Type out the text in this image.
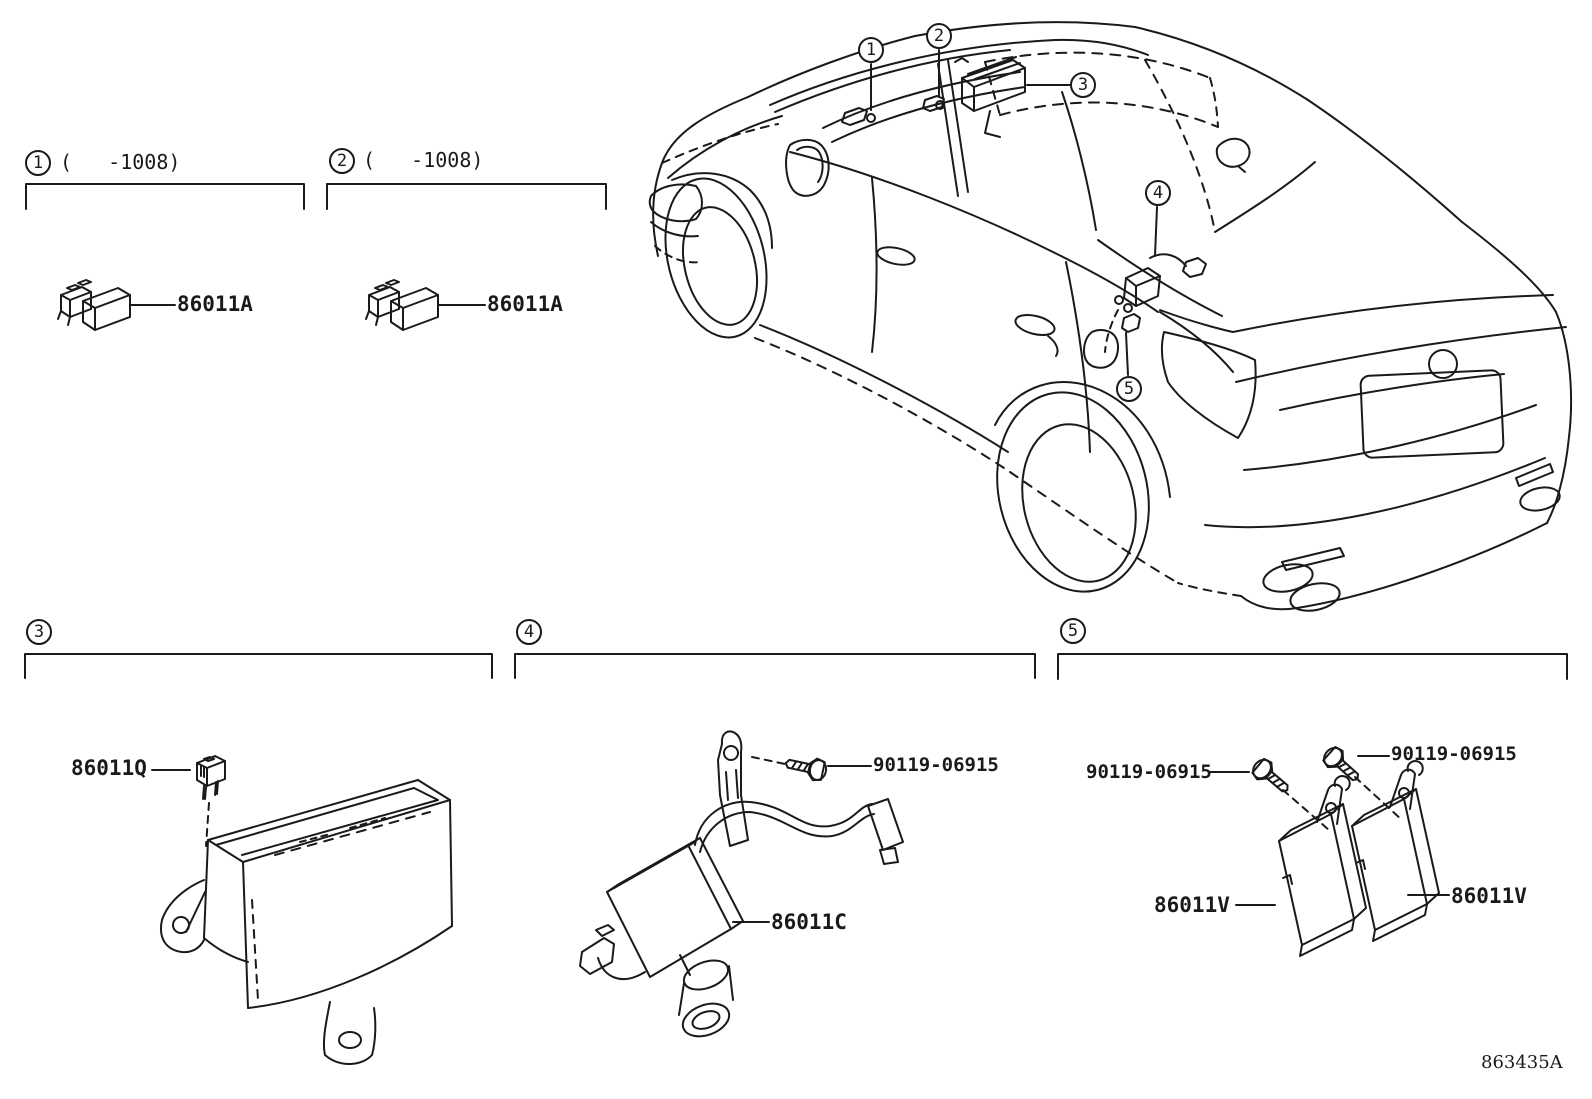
1	2
3	4	5
1
2
3
4
5
(   -1008)	(   -1008)
86011A	86011A
86011Q	90119-06915
86011C
90119-06915
90119-06915
86011V	86011V
863435A
